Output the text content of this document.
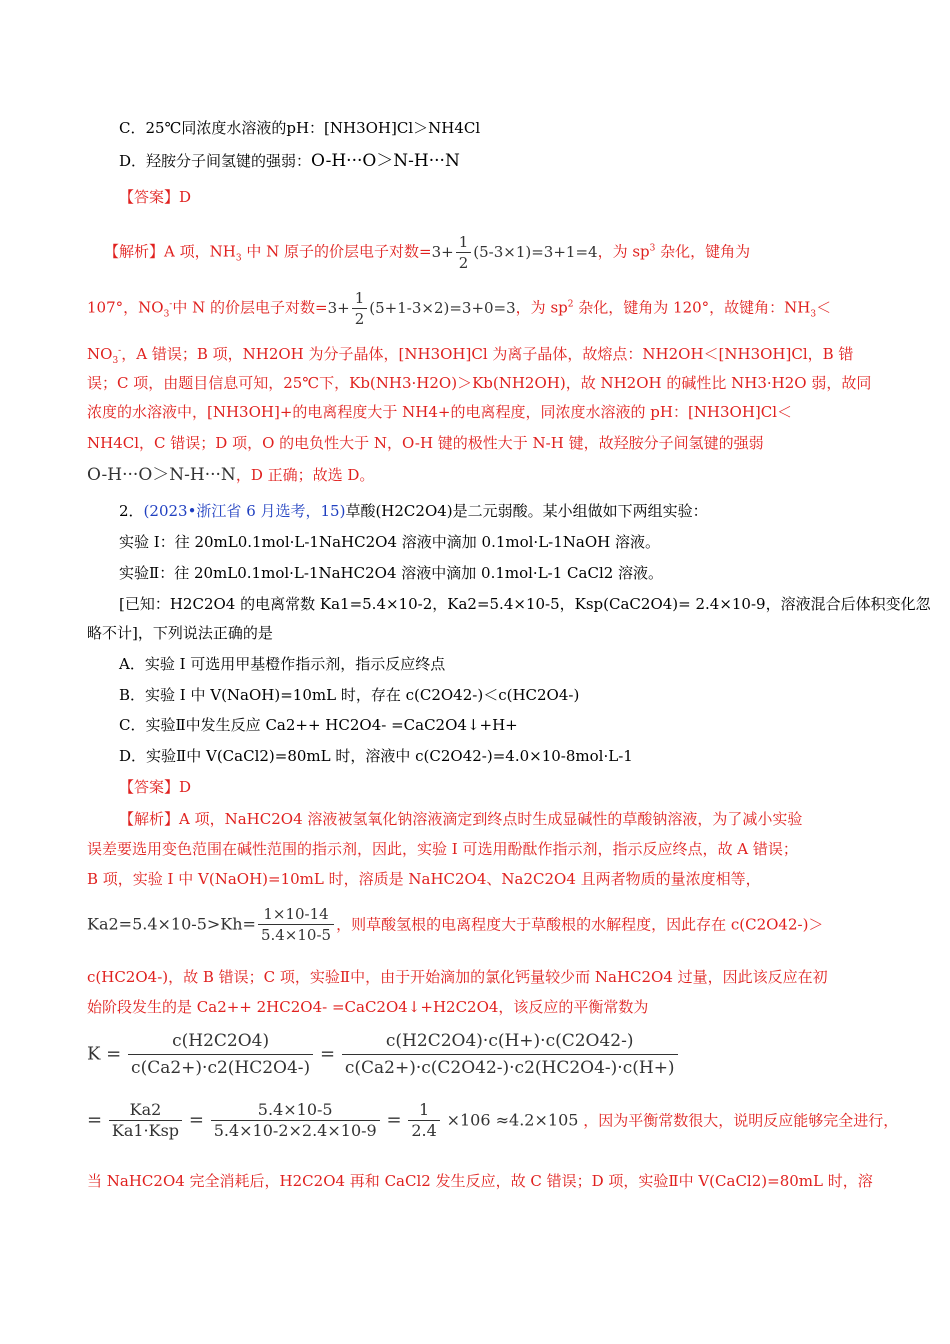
C．25℃同浓度水溶液的pH：[NH3OH]Cl＞NH4Cl
D．羟胺分子间氢键的强弱：O-H···O＞N-H···N
【答案】D
【解析】A 项，$NH_3$ 中 N 原子的价层电子对数$=3+ \frac{1}{2} (5-3\times 1)=3+1=4$，为 $sp^3$ 杂化，键角为
107°，$NO_3^-$中 N 的价层电子对数$=3+ \frac{1}{2} (5+1-3\times 2)=3+0=3$，为 $sp^2$ 杂化，键角为 120°，故键角：$NH_3<$
$NO_3^-$，A 错误；B 项，NH2OH 为分子晶体，[NH3OH]Cl 为离子晶体，故熔点：NH2OH＜[NH3OH]Cl，B 错
误；C 项，由题目信息可知，25℃下，Kb(NH3·H2O)＞Kb(NH2OH)，故 NH2OH 的碱性比 NH3·H2O 弱，故同
浓度的水溶液中，[NH3OH]+的电离程度大于 NH4+的电离程度，同浓度水溶液的 pH：[NH3OH]Cl＜
NH4Cl，C 错误；D 项，O 的电负性大于 N，O-H 键的极性大于 N-H 键，故羟胺分子间氢键的强弱
O-H···O＞N-H···N，D 正确；故选 D。
2．(2023•浙江省 6 月选考，15)草酸(H2C2O4)是二元弱酸。某小组做如下两组实验：
实验 I：往 20mL0.1mol·L-1NaHC2O4 溶液中滴加 0.1mol·L-1NaOH 溶液。
实验Ⅱ：往 20mL0.1mol·L-1NaHC2O4 溶液中滴加 0.1mol·L-1 CaCl2 溶液。
[已知：H2C2O4 的电离常数 Ka1=5.4×10-2，Ka2=5.4×10-5，Ksp(CaC2O4)= 2.4×10-9，溶液混合后体积变化忽
略不计]，下列说法正确的是
A．实验 I 可选用甲基橙作指示剂，指示反应终点
B．实验 I 中 V(NaOH)=10mL 时，存在 c(C2O42-)＜c(HC2O4-)
C．实验Ⅱ中发生反应 Ca2++ HC2O4- =CaC2O4↓+H+
D．实验Ⅱ中 V(CaCl2)=80mL 时，溶液中 c(C2O42-)=4.0×10-8mol·L-1
【答案】D
【解析】A 项，NaHC2O4 溶液被氢氧化钠溶液滴定到终点时生成显碱性的草酸钠溶液，为了减小实验
误差要选用变色范围在碱性范围的指示剂，因此，实验 I 可选用酚酞作指示剂，指示反应终点，故 A 错误；
B 项，实验 I 中 V(NaOH)=10mL 时，溶质是 NaHC2O4、Na2C2O4 且两者物质的量浓度相等，
$Ka2=5.4\times 10-5>Kh= \frac{1\times 10-14}{5.4\times 10-5}$ ，则草酸氢根的电离程度大于草酸根的水解程度，因此存在 c(C2O42-)＞
c(HC2O4-)，故 B 错误；C 项，实验Ⅱ中，由于开始滴加的氯化钙量较少而 NaHC2O4 过量，因此该反应在初
始阶段发生的是 Ca2++ 2HC2O4- =CaC2O4↓+H2C2O4，该反应的平衡常数为
$K = \frac{c(H2C2O4)}{c(Ca2+)\cdot c2(HC2O4-)} = \frac{c(H2C2O4)\cdot c(H+)\cdot c(C2O42-)}{c(Ca2+)\cdot c(C2O42-)\cdot c2(HC2O4-)\cdot c(H+)}$
= $\frac{Ka2}{\text{Ka1·Ksp}} = \frac{5.4\times 10-5}{5.4\times 10-2\times 2.4\times 10-9} = \frac{1}{2.4} \times 106 \approx 4.2\times 105$ ，因为平衡常数很大，说明反应能够完全进行，
当 NaHC2O4 完全消耗后，H2C2O4 再和 CaCl2 发生反应，故 C 错误；D 项，实验Ⅱ中 V(CaCl2)=80mL 时，溶
